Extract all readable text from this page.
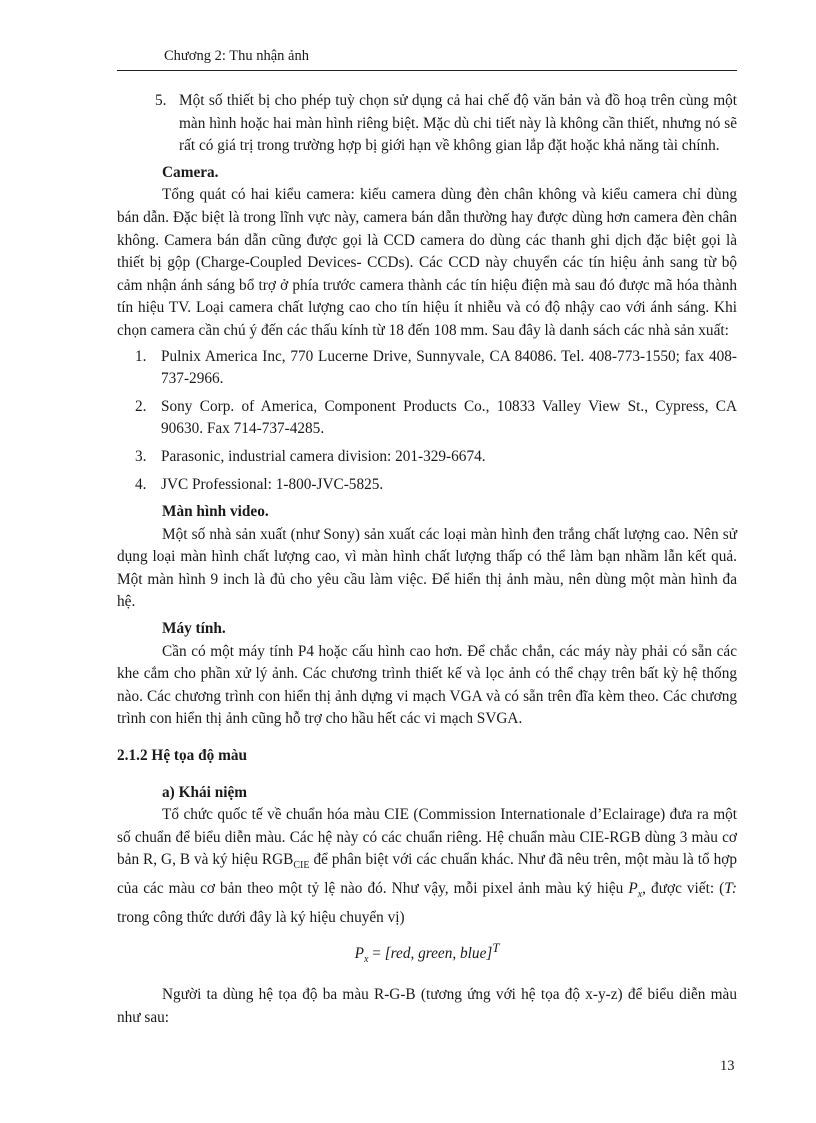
Chương 2: Thu nhận ảnh
5. Một số thiết bị cho phép tuỳ chọn sử dụng cả hai chế độ văn bản và đồ hoạ trên cùng một màn hình hoặc hai màn hình riêng biệt. Mặc dù chi tiết này là không cần thiết, nhưng nó sẽ rất có giá trị trong trường hợp bị giới hạn về không gian lắp đặt hoặc khả năng tài chính.

Camera.

Tổng quát có hai kiểu camera: kiểu camera dùng đèn chân không và kiểu camera chỉ dùng bán dẫn. Đặc biệt là trong lĩnh vực này, camera bán dẫn thường hay được dùng hơn camera đèn chân không. Camera bán dẫn cũng được gọi là CCD camera do dùng các thanh ghi dịch đặc biệt gọi là thiết bị gộp (Charge-Coupled Devices- CCDs). Các CCD này chuyển các tín hiệu ảnh sang từ bộ cảm nhận ánh sáng bổ trợ ở phía trước camera thành các tín hiệu điện mà sau đó được mã hóa thành tín hiệu TV. Loại camera chất lượng cao cho tín hiệu ít nhiễu và có độ nhậy cao với ánh sáng. Khi chọn camera cần chú ý đến các thấu kính từ 18 đến 108 mm. Sau đây là danh sách các nhà sản xuất:

1. Pulnix America Inc, 770 Lucerne Drive, Sunnyvale, CA 84086. Tel. 408-773-1550; fax 408-737-2966.
2. Sony Corp. of America, Component Products Co., 10833 Valley View St., Cypress, CA 90630. Fax 714-737-4285.
3. Parasonic, industrial camera division: 201-329-6674.
4. JVC Professional: 1-800-JVC-5825.

Màn hình video.

Một số nhà sản xuất (như Sony) sản xuất các loại màn hình đen trắng chất lượng cao. Nên sử dụng loại màn hình chất lượng cao, vì màn hình chất lượng thấp có thể làm bạn nhầm lẫn kết quả. Một màn hình 9 inch là đủ cho yêu cầu làm việc. Để hiển thị ảnh màu, nên dùng một màn hình đa hệ.

Máy tính.

Cần có một máy tính P4 hoặc cấu hình cao hơn. Để chắc chắn, các máy này phải có sẵn các khe cắm cho phần xử lý ảnh. Các chương trình thiết kế và lọc ảnh có thể chạy trên bất kỳ hệ thống nào. Các chương trình con hiển thị ảnh dựng vi mạch VGA và có sẵn trên đĩa kèm theo. Các chương trình con hiển thị ảnh cũng hỗ trợ cho hầu hết các vi mạch SVGA.

2.1.2 Hệ tọa độ màu

a) Khái niệm

Tổ chức quốc tế về chuẩn hóa màu CIE (Commission Internationale d’Eclairage) đưa ra một số chuẩn để biểu diễn màu. Các hệ này có các chuẩn riêng. Hệ chuẩn màu CIE-RGB dùng 3 màu cơ bản R, G, B và ký hiệu $RGB_{CIE}$ để phân biệt với các chuẩn khác. Như đã nêu trên, một màu là tổ hợp của các màu cơ bản theo một tỷ lệ nào đó. Như vậy, mỗi pixel ảnh màu ký hiệu $P_x$, được viết: (T: trong công thức dưới đây là ký hiệu chuyển vị)

$P_x = [red$, green, blue]$^T$

Người ta dùng hệ tọa độ ba màu R-G-B (tương ứng với hệ tọa độ x-y-z) để biểu diễn màu như sau:

13
